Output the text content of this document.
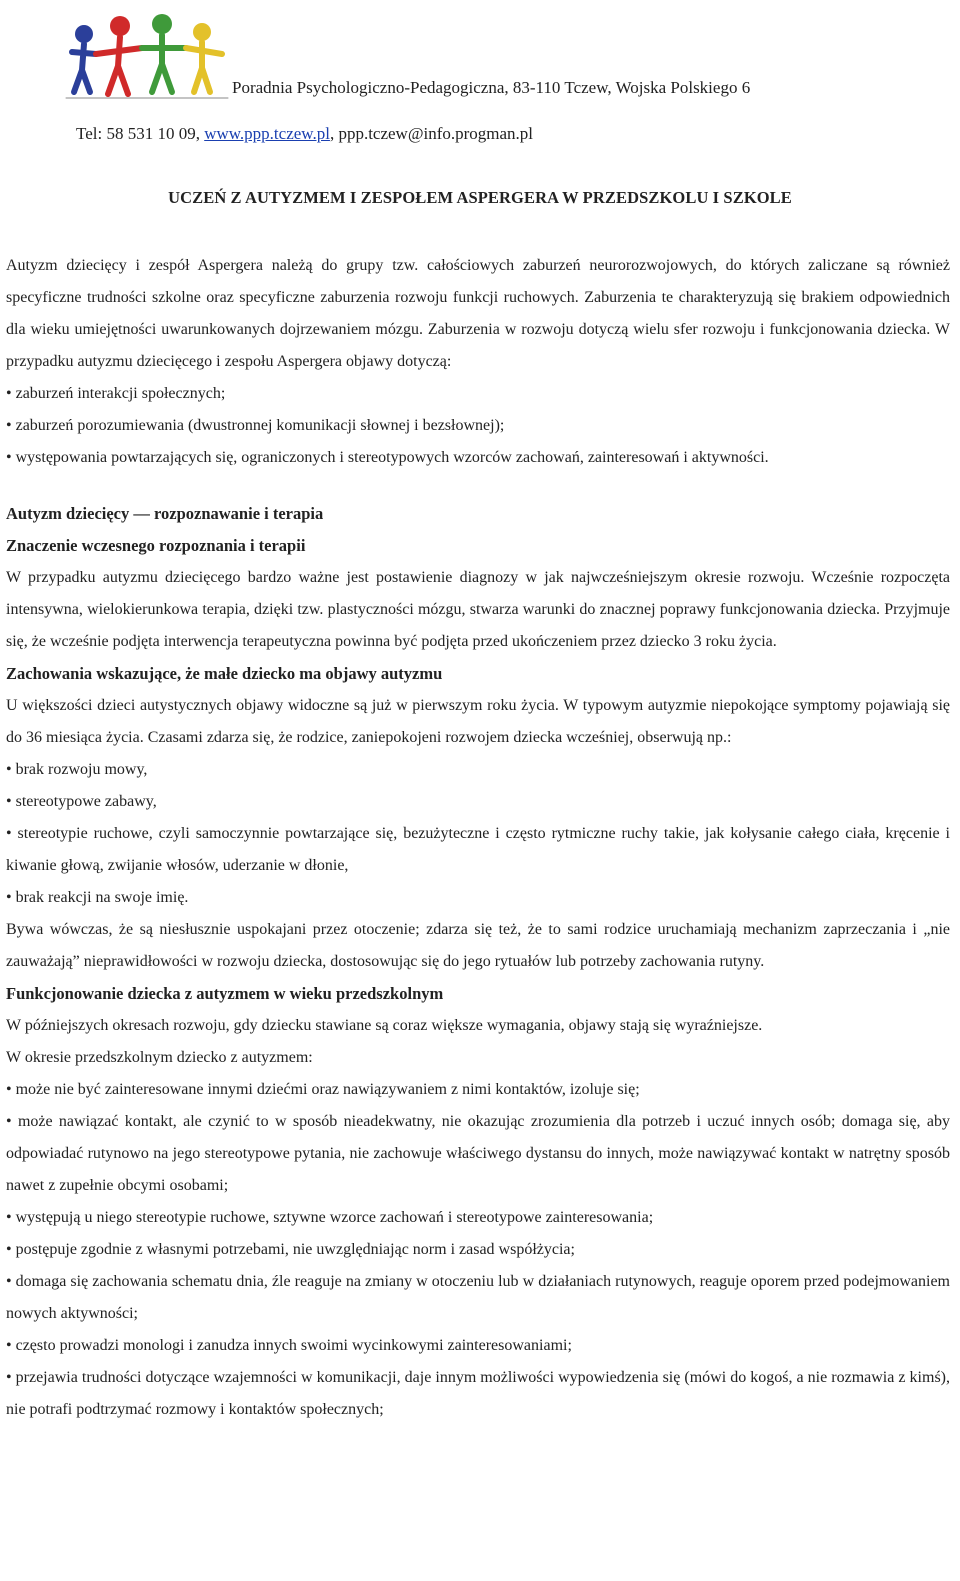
Poradnia Psychologiczno-Pedagogiczna, 83-110 Tczew, Wojska Polskiego 6
Tel: 58 531 10 09, www.ppp.tczew.pl, ppp.tczew@info.progman.pl
UCZEŃ Z AUTYZMEM I ZESPOŁEM ASPERGERA W PRZEDSZKOLU I SZKOLE

Autyzm dziecięcy i zespół Aspergera należą do grupy tzw. całościowych zaburzeń neurorozwojowych, do których zaliczane są również specyficzne trudności szkolne oraz specyficzne zaburzenia rozwoju funkcji ruchowych. Zaburzenia te charakteryzują się brakiem odpowiednich dla wieku umiejętności uwarunkowanych dojrzewaniem mózgu. Zaburzenia w rozwoju dotyczą wielu sfer rozwoju i funkcjonowania dziecka. W przypadku autyzmu dziecięcego i zespołu Aspergera objawy dotyczą:

• zaburzeń interakcji społecznych;

• zaburzeń porozumiewania (dwustronnej komunikacji słownej i bezsłownej);

• występowania powtarzających się, ograniczonych i stereotypowych wzorców zachowań, zainteresowań i aktywności.

Autyzm dziecięcy — rozpoznawanie i terapia

Znaczenie wczesnego rozpoznania i terapii

W przypadku autyzmu dziecięcego bardzo ważne jest postawienie diagnozy w jak najwcześniejszym okresie rozwoju. Wcześnie rozpoczęta intensywna, wielokierunkowa terapia, dzięki tzw. plastyczności mózgu, stwarza warunki do znacznej poprawy funkcjonowania dziecka. Przyjmuje się, że wcześnie podjęta interwencja terapeutyczna powinna być podjęta przed ukończeniem przez dziecko 3 roku życia.

Zachowania wskazujące, że małe dziecko ma objawy autyzmu

U większości dzieci autystycznych objawy widoczne są już w pierwszym roku życia. W typowym autyzmie niepokojące symptomy pojawiają się do 36 miesiąca życia. Czasami zdarza się, że rodzice, zaniepokojeni rozwojem dziecka wcześniej, obserwują np.:

• brak rozwoju mowy,

• stereotypowe zabawy,

• stereotypie ruchowe, czyli samoczynnie powtarzające się, bezużyteczne i często rytmiczne ruchy takie, jak kołysanie całego ciała, kręcenie i kiwanie głową, zwijanie włosów, uderzanie w dłonie,

• brak reakcji na swoje imię.

Bywa wówczas, że są niesłusznie uspokajani przez otoczenie; zdarza się też, że to sami rodzice uruchamiają mechanizm zaprzeczania i „nie zauważają” nieprawidłowości w rozwoju dziecka, dostosowując się do jego rytuałów lub potrzeby zachowania rutyny.

Funkcjonowanie dziecka z autyzmem w wieku przedszkolnym

W późniejszych okresach rozwoju, gdy dziecku stawiane są coraz większe wymagania, objawy stają się wyraźniejsze.

W okresie przedszkolnym dziecko z autyzmem:

• może nie być zainteresowane innymi dziećmi oraz nawiązywaniem z nimi kontaktów, izoluje się;

• może nawiązać kontakt, ale czynić to w sposób nieadekwatny, nie okazując zrozumienia dla potrzeb i uczuć innych osób; domaga się, aby odpowiadać rutynowo na jego stereotypowe pytania, nie zachowuje właściwego dystansu do innych, może nawiązywać kontakt w natrętny sposób nawet z zupełnie obcymi osobami;

• występują u niego stereotypie ruchowe, sztywne wzorce zachowań i stereotypowe zainteresowania;

• postępuje zgodnie z własnymi potrzebami, nie uwzględniając norm i zasad współżycia;

• domaga się zachowania schematu dnia, źle reaguje na zmiany w otoczeniu lub w działaniach rutynowych, reaguje oporem przed podejmowaniem nowych aktywności;

• często prowadzi monologi i zanudza innych swoimi wycinkowymi zainteresowaniami;

• przejawia trudności dotyczące wzajemności w komunikacji, daje innym możliwości wypowiedzenia się (mówi do kogoś, a nie rozmawia z kimś), nie potrafi podtrzymać rozmowy i kontaktów społecznych;
